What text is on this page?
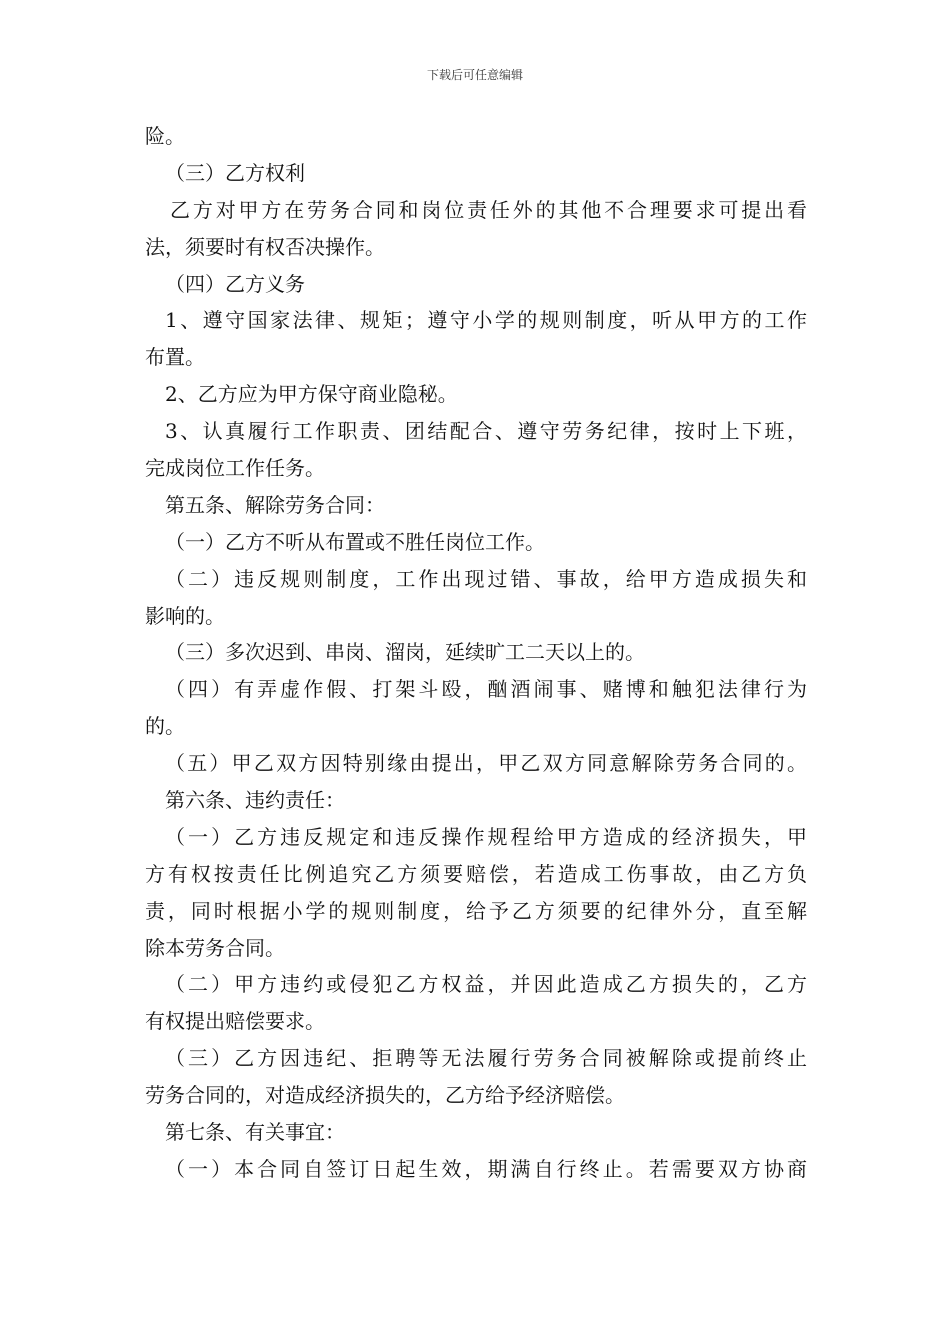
下载后可任意编辑
险。
（三）乙方权利
乙方对甲方在劳务合同和岗位责任外的其他不合理要求可提出看
法，须要时有权否决操作。
（四）乙方义务
1、遵守国家法律、规矩；遵守小学的规则制度，听从甲方的工作
布置。
2、乙方应为甲方保守商业隐秘。
3、认真履行工作职责、团结配合、遵守劳务纪律，按时上下班，
完成岗位工作任务。
第五条、解除劳务合同：
（一）乙方不听从布置或不胜任岗位工作。
（二）违反规则制度，工作出现过错、事故，给甲方造成损失和
影响的。
（三）多次迟到、串岗、溜岗，延续旷工二天以上的。
（四）有弄虚作假、打架斗殴，酗酒闹事、赌博和触犯法律行为
的。
（五）甲乙双方因特别缘由提出，甲乙双方同意解除劳务合同的。
第六条、违约责任：
（一）乙方违反规定和违反操作规程给甲方造成的经济损失，甲
方有权按责任比例追究乙方须要赔偿，若造成工伤事故，由乙方负
责，同时根据小学的规则制度，给予乙方须要的纪律外分，直至解
除本劳务合同。
（二）甲方违约或侵犯乙方权益，并因此造成乙方损失的，乙方
有权提出赔偿要求。
（三）乙方因违纪、拒聘等无法履行劳务合同被解除或提前终止
劳务合同的，对造成经济损失的，乙方给予经济赔偿。
第七条、有关事宜：
（一）本合同自签订日起生效，期满自行终止。若需要双方协商
